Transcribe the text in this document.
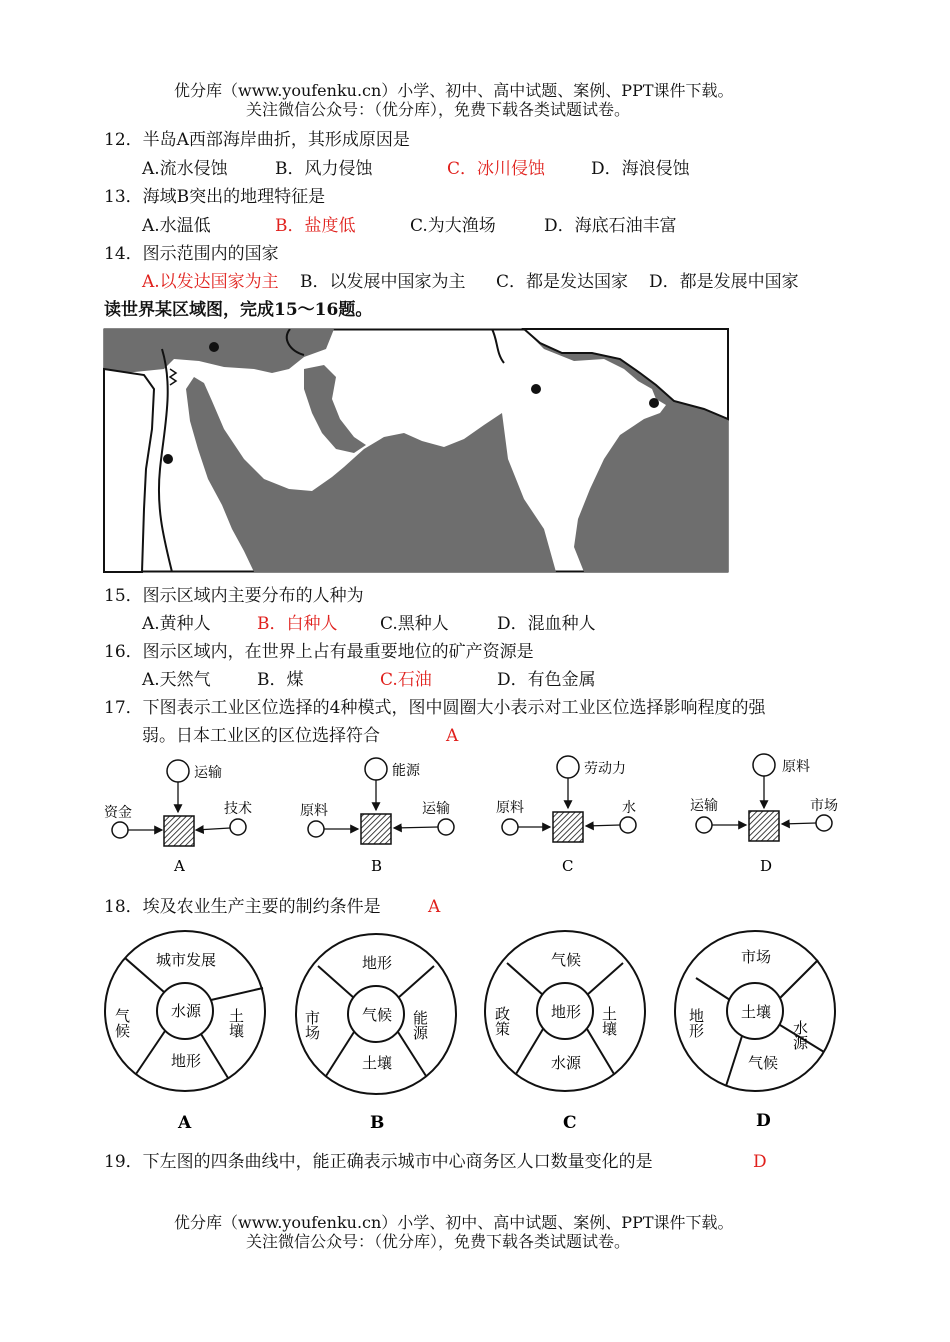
优分库（www.youfenku.cn）小学、初中、高中试题、案例、PPT课件下载。
关注微信公众号：（优分库），免费下载各类试题试卷。
12．半岛A西部海岸曲折，其形成原因是
A.流水侵蚀	B．风力侵蚀	C．冰川侵蚀	D．海浪侵蚀
13．海域B突出的地理特征是
A.水温低	B．盐度低	C.为大渔场	D．海底石油丰富
14．图示范围内的国家
A.以发达国家为主 B．以发展中国家为主 C．都是发达国家 D．都是发展中国家
读世界某区域图，完成15～16题。
15．图示区域内主要分布的人种为
A.黄种人	B．白种人	C.黑种人	D．混血种人
16．图示区域内，在世界上占有最重要地位的矿产资源是
A.天然气	B．煤	C.石油	D．有色金属
17．下图表示工业区位选择的4种模式，图中圆圈大小表示对工业区位选择影响程度的强
弱。日本工业区的区位选择符合	A
运输
资金	技术
A
能源
原料	运输
B
劳动力
原料	水
C
原料
运输	市场
D
18．埃及农业生产主要的制约条件是	A
城市发展
气候	土壤
水源
地形
A
地形
市场	能源
气候
土壤
B
气候
政策	土壤
地形
水源
C
市场
地形	水源
土壤
气候
D
19．下左图的四条曲线中，能正确表示城市中心商务区人口数量变化的是	D
优分库（www.youfenku.cn）小学、初中、高中试题、案例、PPT课件下载。
关注微信公众号：（优分库），免费下载各类试题试卷。
